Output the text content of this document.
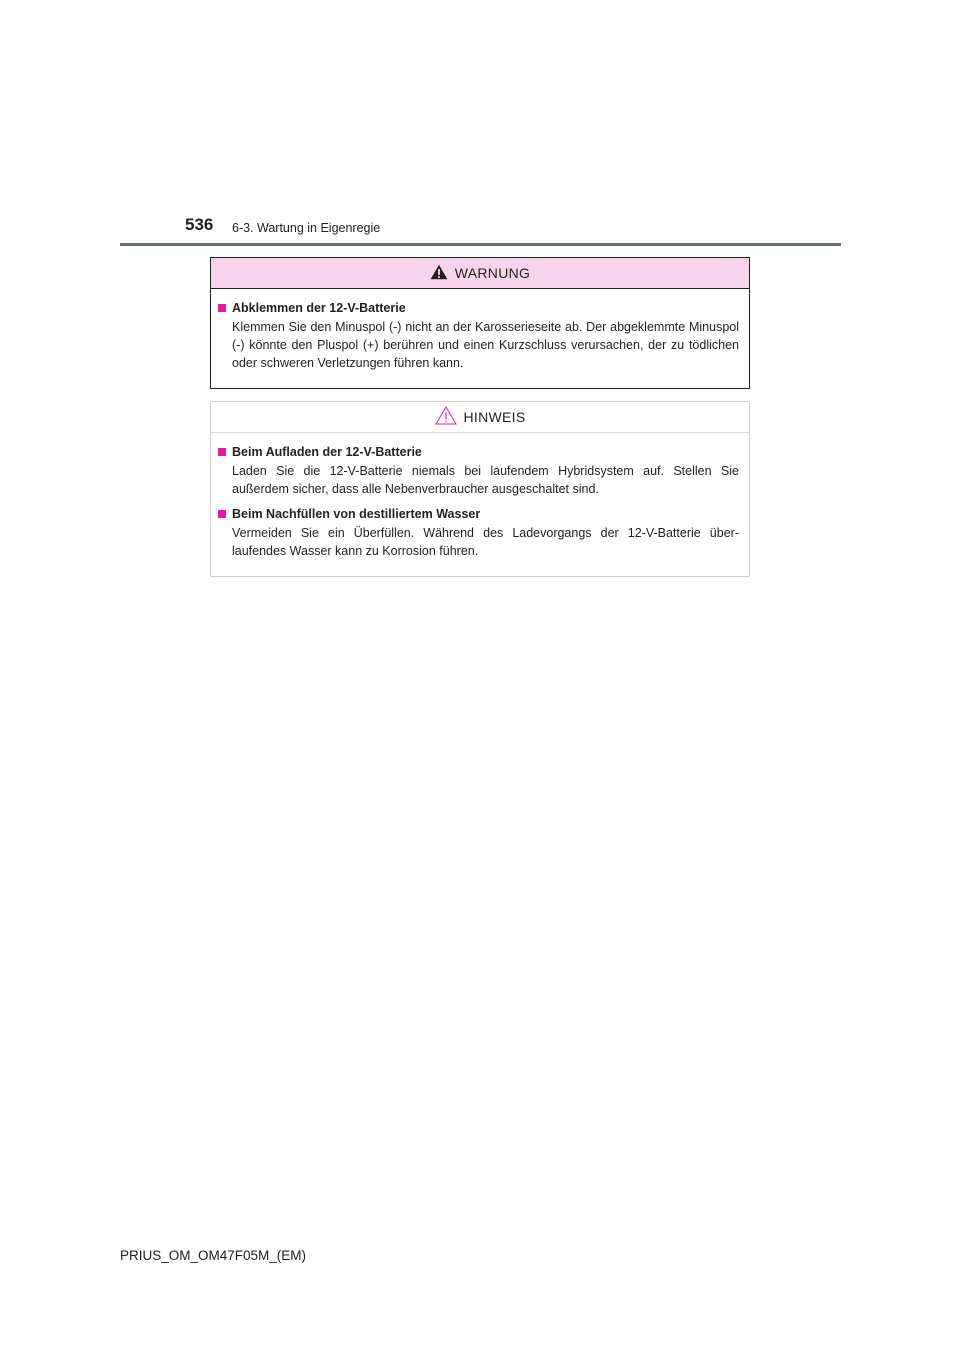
536 6-3. Wartung in Eigenregie
WARNUNG
Abklemmen der 12-V-Batterie
Klemmen Sie den Minuspol (-) nicht an der Karosserieseite ab. Der abgeklemmte Minuspol (-) könnte den Pluspol (+) berühren und einen Kurzschluss verursachen, der zu tödlichen oder schweren Verletzungen führen kann.
HINWEIS
Beim Aufladen der 12-V-Batterie
Laden Sie die 12-V-Batterie niemals bei laufendem Hybridsystem auf. Stellen Sie außerdem sicher, dass alle Nebenverbraucher ausgeschaltet sind.
Beim Nachfüllen von destilliertem Wasser
Vermeiden Sie ein Überfüllen. Während des Ladevorgangs der 12-V-Batterie über- laufendes Wasser kann zu Korrosion führen.
PRIUS_OM_OM47F05M_(EM)
